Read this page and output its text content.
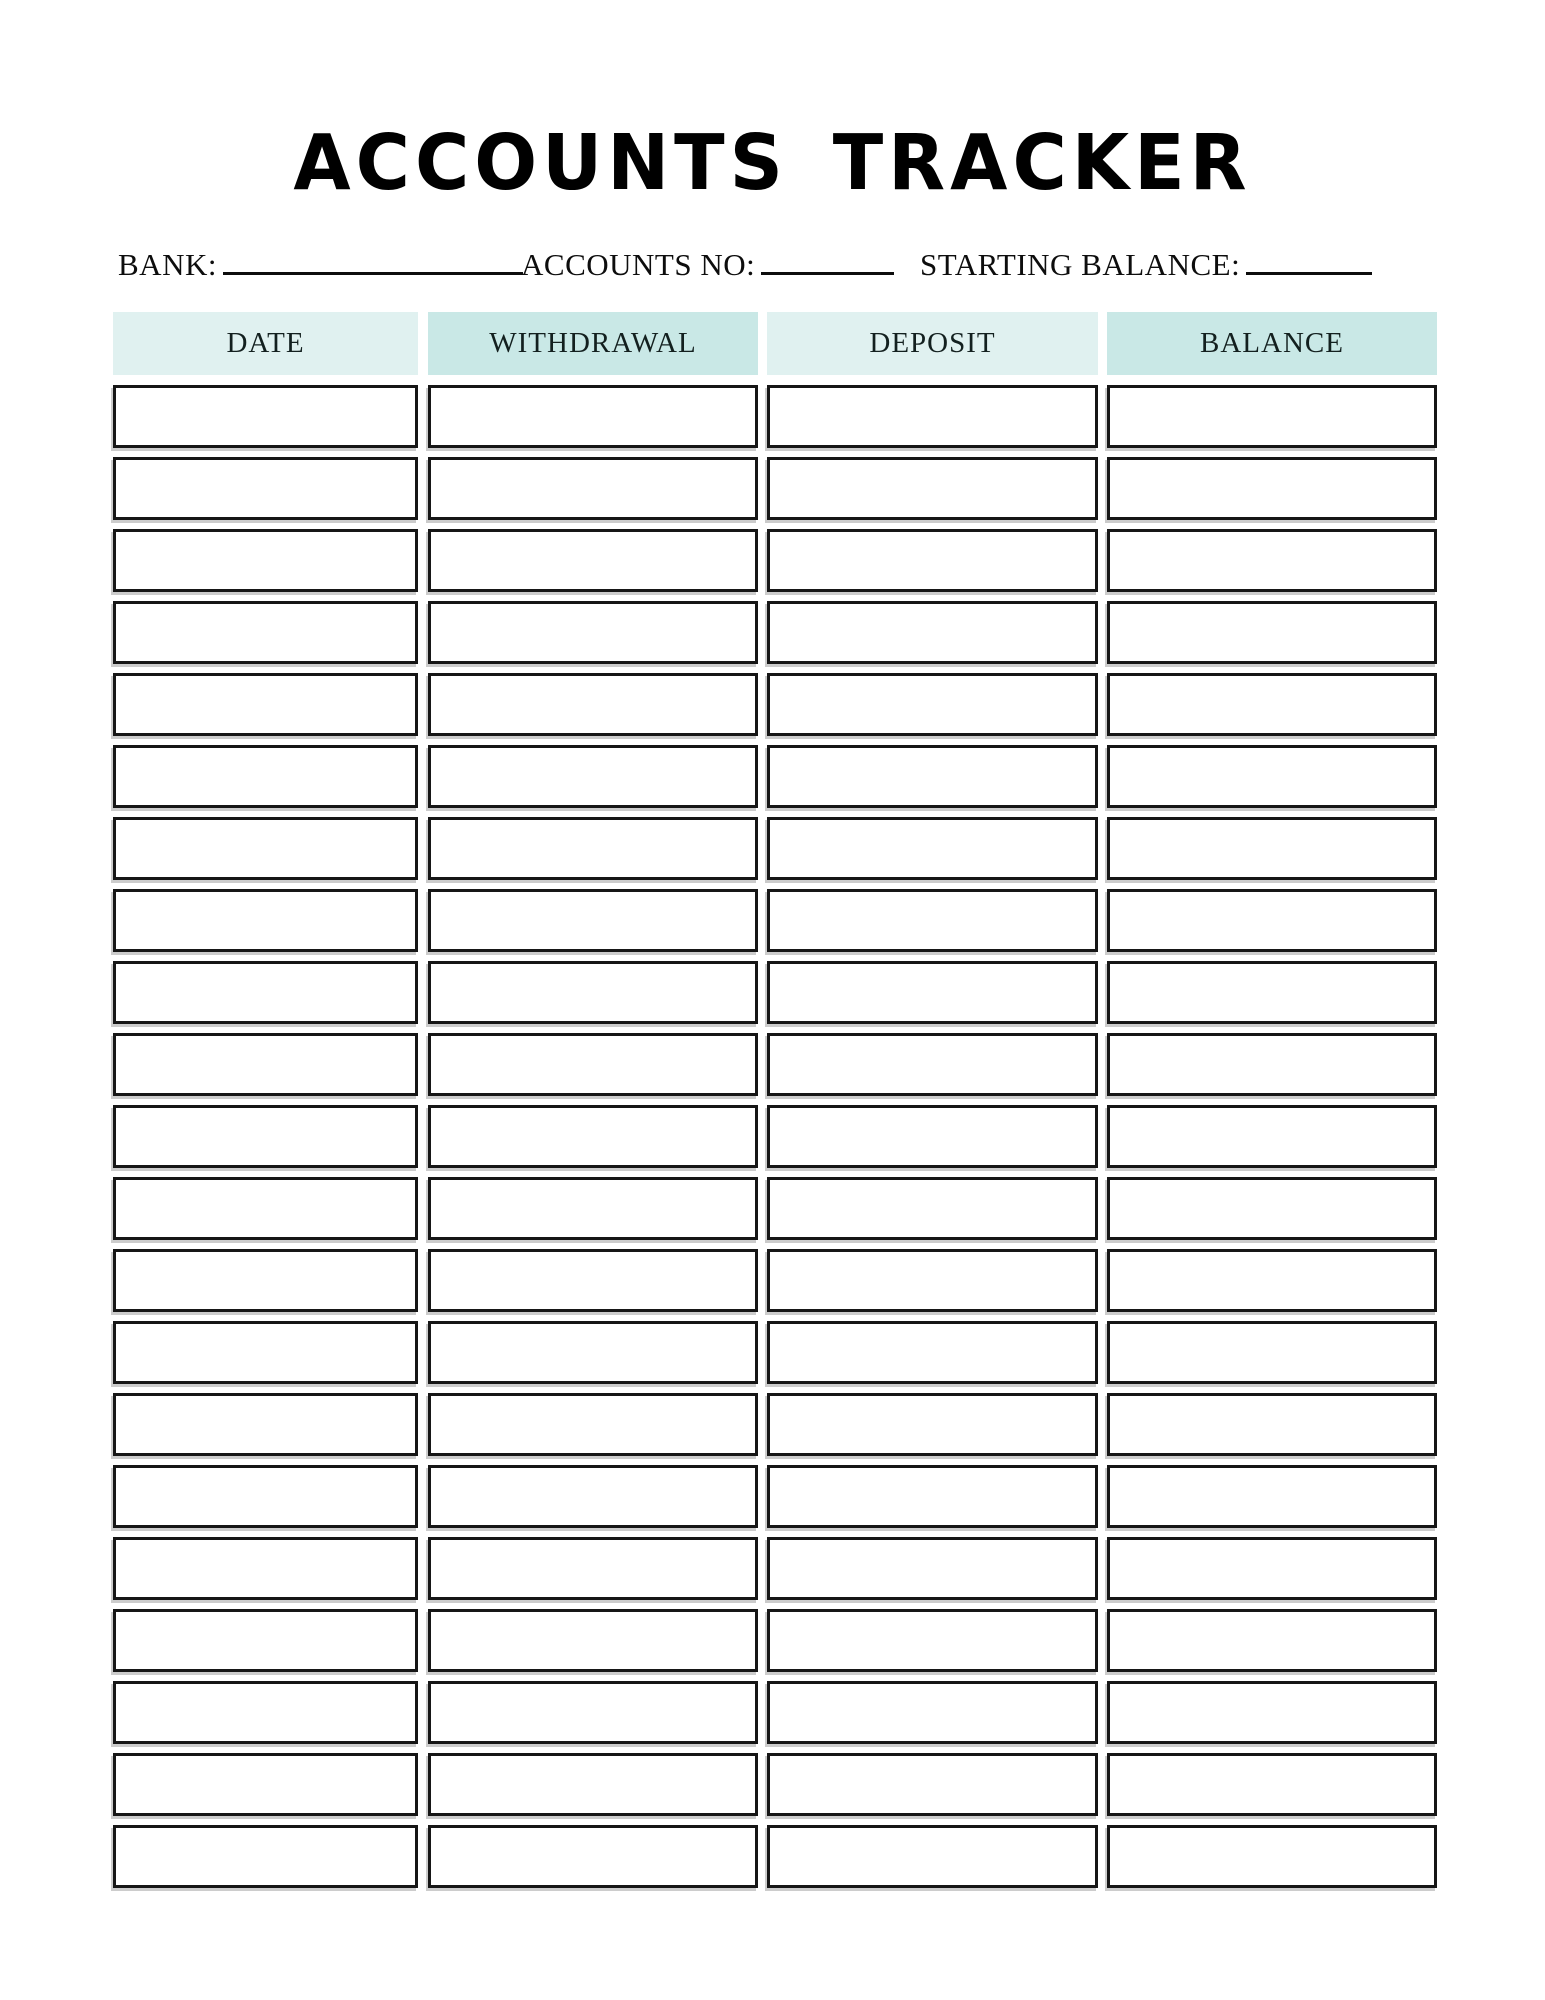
ACCOUNTS TRACKER
BANK:	ACCOUNTS NO:	STARTING BALANCE:
DATE	WITHDRAWAL	DEPOSIT	BALANCE
